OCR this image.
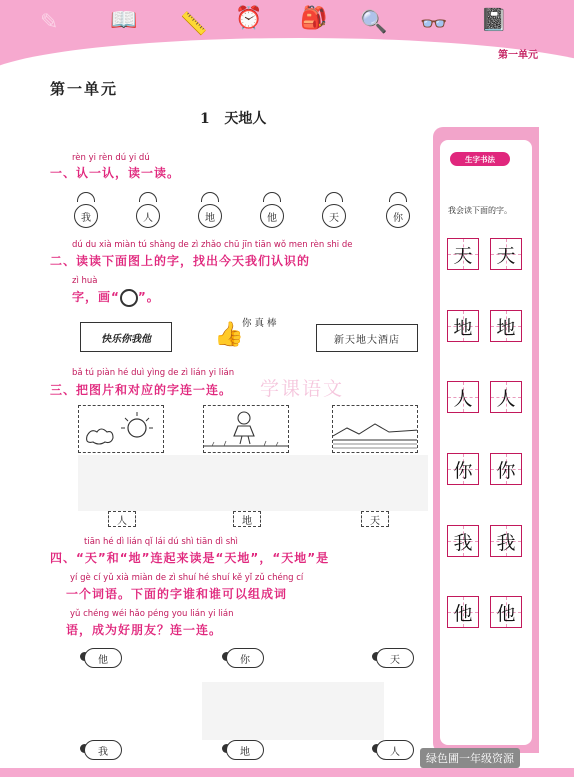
✎ 📖 📏 ⏰ 🎒 🔍 👓 📓
第一单元
第一单元
1 天地人
rèn yi rèn dú yi dú
一、认一认，读一读。
我	人	地	他	天	你
dú du xià miàn tú shàng de zì zhǎo chū jīn tiān wǒ men rèn shi de
二、读读下面图上的字，找出今天我们认识的
zì huà
字，画“ ”。
快乐你我他	👍
你 真 棒
新天地大酒店
bǎ tú piàn hé duì yìng de zì lián yi lián
三、把图片和对应的字连一连。 学课语文
人	地	天
tiān hé dì lián qǐ lái dú shì tiān dì shì
四、“天”和“地”连起来读是“天地”，“天地”是
yí gè cí yǔ xià miàn de zì shuí hé shuí kě yǐ zǔ chéng cí
一个词语。下面的字谁和谁可以组成词
yǔ chéng wéi hǎo péng you lián yi lián
语，成为好朋友？连一连。
他	你	天
我	地	人
生字书法
我会读下面的字。
天 天
地 地
人 人
你 你
我 我
他 他
绿色圃一年级资源
